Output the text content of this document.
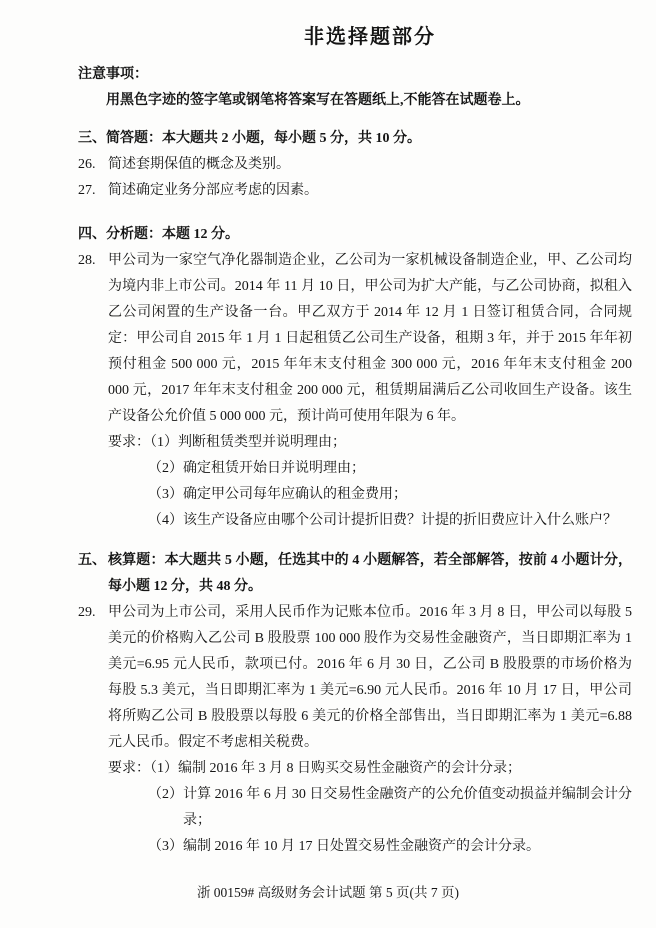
非选择题部分
注意事项：
用黑色字迹的签字笔或钢笔将答案写在答题纸上,不能答在试题卷上。
三、简答题：本大题共 2 小题，每小题 5 分，共 10 分。
26. 简述套期保值的概念及类别。
27. 简述确定业务分部应考虑的因素。
四、分析题：本题 12 分。
28. 甲公司为一家空气净化器制造企业，乙公司为一家机械设备制造企业，甲、乙公司均为境内非上市公司。2014 年 11 月 10 日，甲公司为扩大产能，与乙公司协商，拟租入乙公司闲置的生产设备一台。甲乙双方于 2014 年 12 月 1 日签订租赁合同，合同规定：甲公司自 2015 年 1 月 1 日起租赁乙公司生产设备，租期 3 年，并于 2015 年年初预付租金 500 000 元，2015 年年末支付租金 300 000 元，2016 年年末支付租金 200 000 元，2017 年年末支付租金 200 000 元，租赁期届满后乙公司收回生产设备。该生产设备公允价值 5 000 000 元，预计尚可使用年限为 6 年。
要求：（1）判断租赁类型并说明理由；
（2）确定租赁开始日并说明理由；
（3）确定甲公司每年应确认的租金费用；
（4）该生产设备应由哪个公司计提折旧费？计提的折旧费应计入什么账户？
五、 核算题：本大题共 5 小题，任选其中的 4 小题解答，若全部解答，按前 4 小题计分，每小题 12 分，共 48 分。
29. 甲公司为上市公司，采用人民币作为记账本位币。2016 年 3 月 8 日，甲公司以每股 5 美元的价格购入乙公司 B 股股票 100 000 股作为交易性金融资产，当日即期汇率为 1 美元=6.95 元人民币，款项已付。2016 年 6 月 30 日，乙公司 B 股股票的市场价格为每股 5.3 美元，当日即期汇率为 1 美元=6.90 元人民币。2016 年 10 月 17 日，甲公司将所购乙公司 B 股股票以每股 6 美元的价格全部售出，当日即期汇率为 1 美元=6.88 元人民币。假定不考虑相关税费。
要求：（1）编制 2016 年 3 月 8 日购买交易性金融资产的会计分录；
（2）计算 2016 年 6 月 30 日交易性金融资产的公允价值变动损益并编制会计分录；
（3）编制 2016 年 10 月 17 日处置交易性金融资产的会计分录。
浙 00159# 高级财务会计试题 第 5 页(共 7 页)
